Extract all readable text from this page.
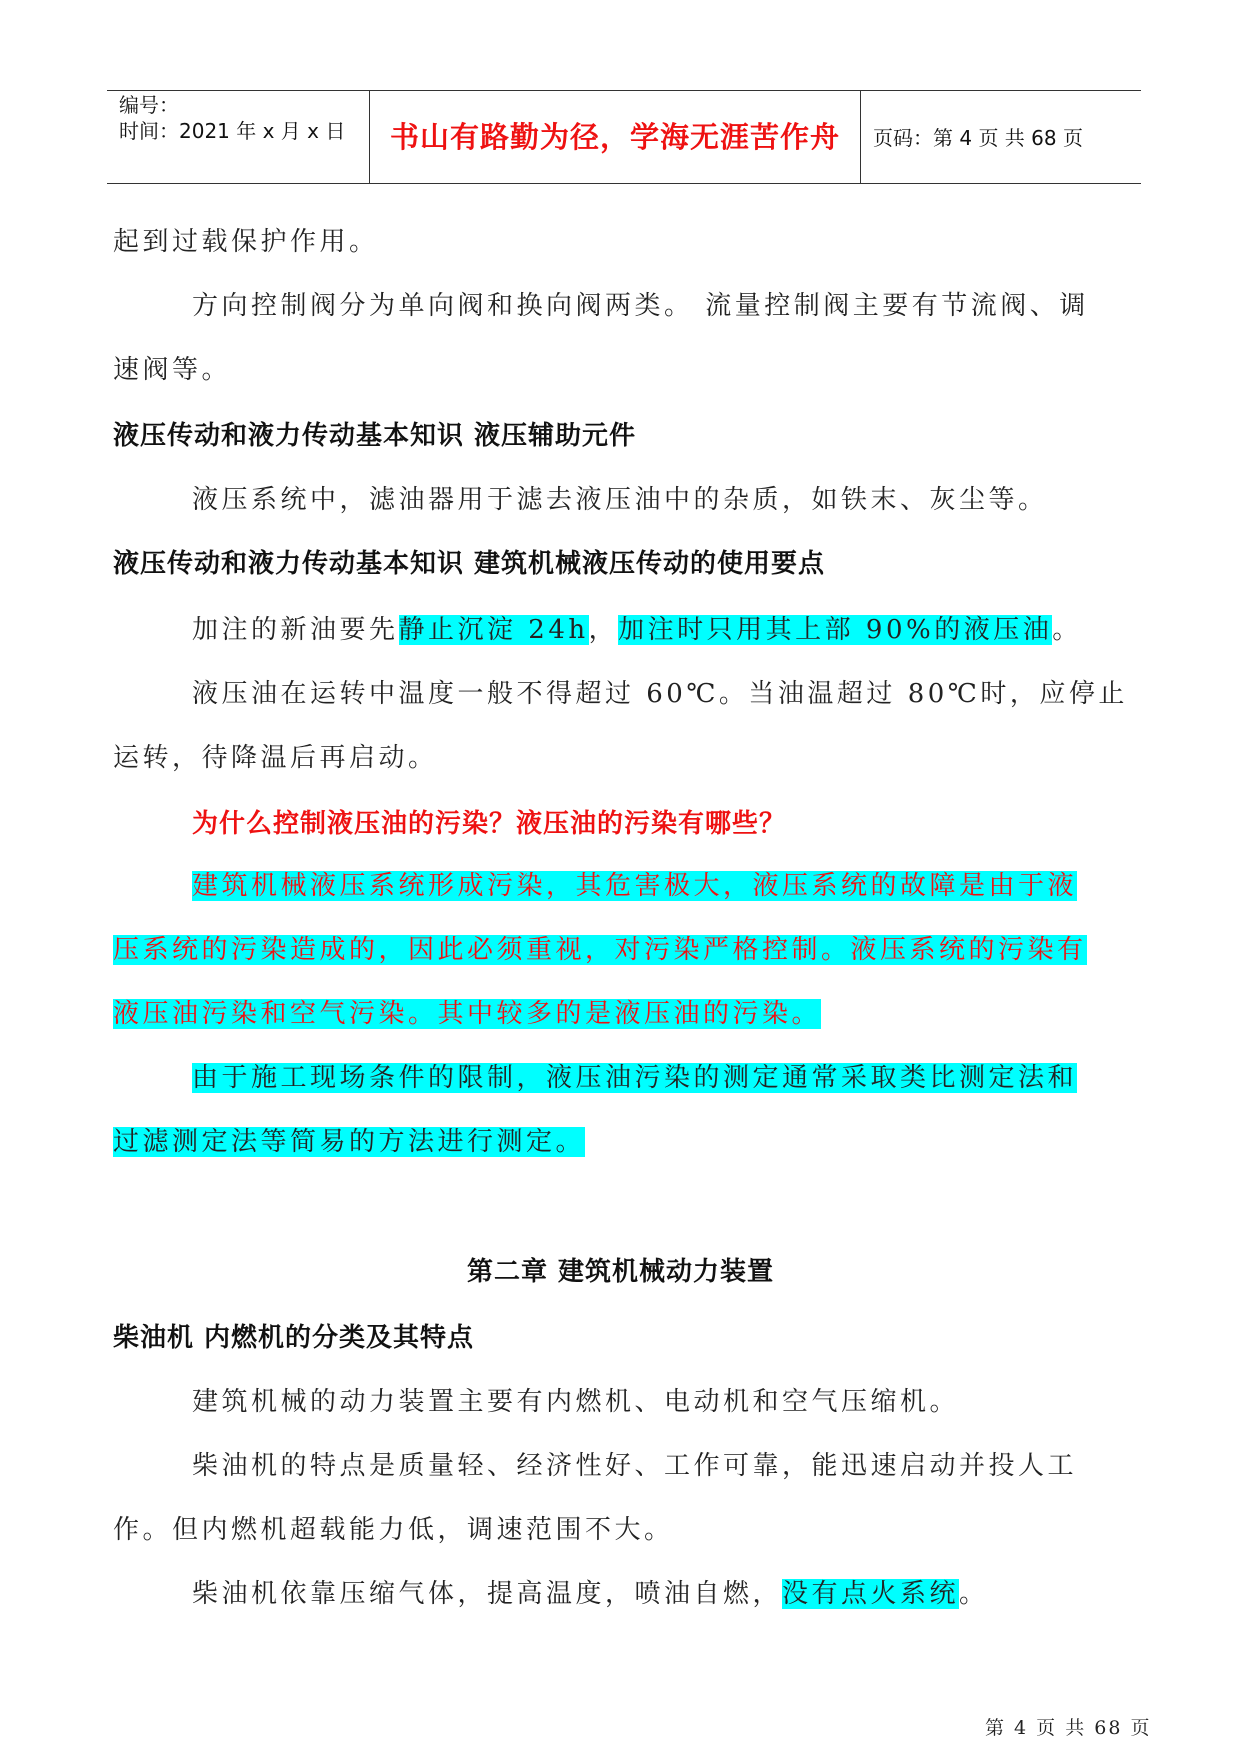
编号：
时间：2021 年 x 月 x 日	书山有路勤为径，学海无涯苦作舟	页码：第 4 页 共 68 页
起到过载保护作用。
方向控制阀分为单向阀和换向阀两类。 流量控制阀主要有节流阀、调
速阀等。
液压传动和液力传动基本知识 液压辅助元件
液压系统中，滤油器用于滤去液压油中的杂质，如铁末、灰尘等。
液压传动和液力传动基本知识 建筑机械液压传动的使用要点
加注的新油要先静止沉淀 24h，加注时只用其上部 90%的液压油。
液压油在运转中温度一般不得超过 60℃。当油温超过 80℃时，应停止
运转，待降温后再启动。
为什么控制液压油的污染？液压油的污染有哪些？
建筑机械液压系统形成污染，其危害极大，液压系统的故障是由于液
压系统的污染造成的，因此必须重视，对污染严格控制。液压系统的污染有
液压油污染和空气污染。其中较多的是液压油的污染。
由于施工现场条件的限制，液压油污染的测定通常采取类比测定法和
过滤测定法等简易的方法进行测定。
第二章 建筑机械动力装置
柴油机 内燃机的分类及其特点
建筑机械的动力装置主要有内燃机、电动机和空气压缩机。
柴油机的特点是质量轻、经济性好、工作可靠，能迅速启动并投人工
作。但内燃机超载能力低，调速范围不大。
柴油机依靠压缩气体，提高温度，喷油自燃，没有点火系统。
第 4 页 共 68 页
